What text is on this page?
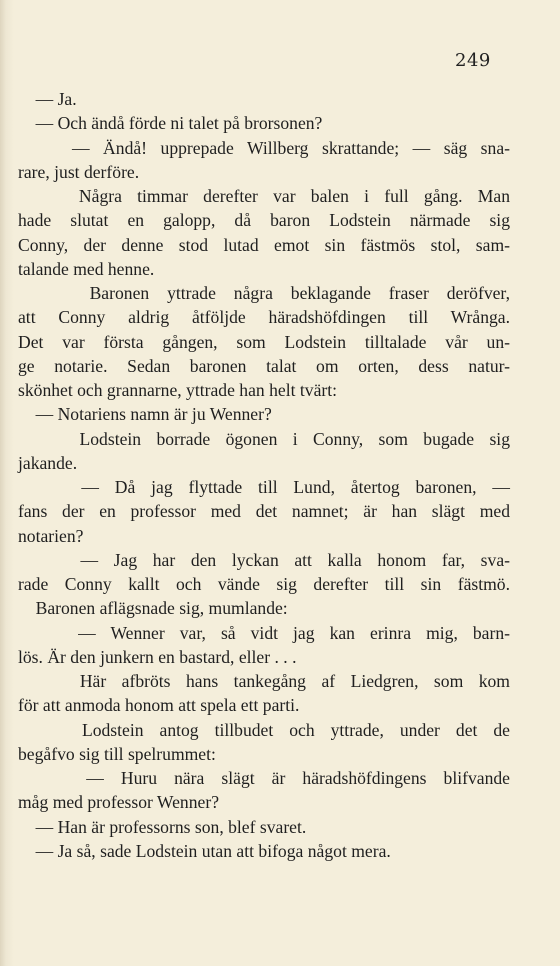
249
— Ja.
— Och ändå förde ni talet på brorsonen?
— Ändå! upprepade Willberg skrattande; — säg sna-
rare, just derföre.
Några timmar derefter var balen i full gång. Man
hade slutat en galopp, då baron Lodstein närmade sig
Conny, der denne stod lutad emot sin fästmös stol, sam-
talande med henne.
Baronen yttrade några beklagande fraser deröfver,
att Conny aldrig åtföljde häradshöfdingen till Wrånga.
Det var första gången, som Lodstein tilltalade vår un-
ge notarie. Sedan baronen talat om orten, dess natur-
skönhet och grannarne, yttrade han helt tvärt:
— Notariens namn är ju Wenner?
Lodstein borrade ögonen i Conny, som bugade sig
jakande.
— Då jag flyttade till Lund, återtog baronen, —
fans der en professor med det namnet; är han slägt med
notarien?
— Jag har den lyckan att kalla honom far, sva-
rade Conny kallt och vände sig derefter till sin fästmö.
Baronen aflägsnade sig, mumlande:
— Wenner var, så vidt jag kan erinra mig, barn-
lös. Är den junkern en bastard, eller . . .
Här afbröts hans tankegång af Liedgren, som kom
för att anmoda honom att spela ett parti.
Lodstein antog tillbudet och yttrade, under det de
begåfvo sig till spelrummet:
— Huru nära slägt är häradshöfdingens blifvande
måg med professor Wenner?
— Han är professorns son, blef svaret.
— Ja så, sade Lodstein utan att bifoga något mera.
